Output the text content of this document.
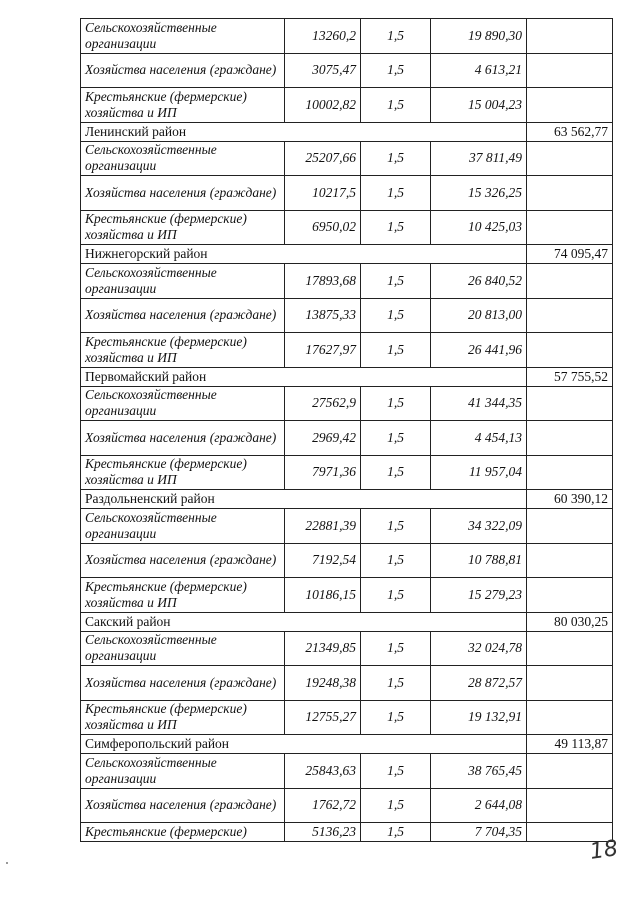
Сельскохозяйственные организации	13260,2	1,5	19 890,30	
Хозяйства населения (граждане)	3075,47	1,5	4 613,21	
Крестьянские (фермерские) хозяйства и ИП	10002,82	1,5	15 004,23	
Ленинский район				63 562,77
Сельскохозяйственные организации	25207,66	1,5	37 811,49	
Хозяйства населения (граждане)	10217,5	1,5	15 326,25	
Крестьянские (фермерские) хозяйства и ИП	6950,02	1,5	10 425,03	
Нижнегорский район				74 095,47
Сельскохозяйственные организации	17893,68	1,5	26 840,52	
Хозяйства населения (граждане)	13875,33	1,5	20 813,00	
Крестьянские (фермерские) хозяйства и ИП	17627,97	1,5	26 441,96	
Первомайский район				57 755,52
Сельскохозяйственные организации	27562,9	1,5	41 344,35	
Хозяйства населения (граждане)	2969,42	1,5	4 454,13	
Крестьянские (фермерские) хозяйства и ИП	7971,36	1,5	11 957,04	
Раздольненский район				60 390,12
Сельскохозяйственные организации	22881,39	1,5	34 322,09	
Хозяйства населения (граждане)	7192,54	1,5	10 788,81	
Крестьянские (фермерские) хозяйства и ИП	10186,15	1,5	15 279,23	
Сакский район				80 030,25
Сельскохозяйственные организации	21349,85	1,5	32 024,78	
Хозяйства населения (граждане)	19248,38	1,5	28 872,57	
Крестьянские (фермерские) хозяйства и ИП	12755,27	1,5	19 132,91	
Симферопольский район				49 113,87
Сельскохозяйственные организации	25843,63	1,5	38 765,45	
Хозяйства населения (граждане)	1762,72	1,5	2 644,08	
Крестьянские (фермерские)	5136,23	1,5	7 704,35	
18
